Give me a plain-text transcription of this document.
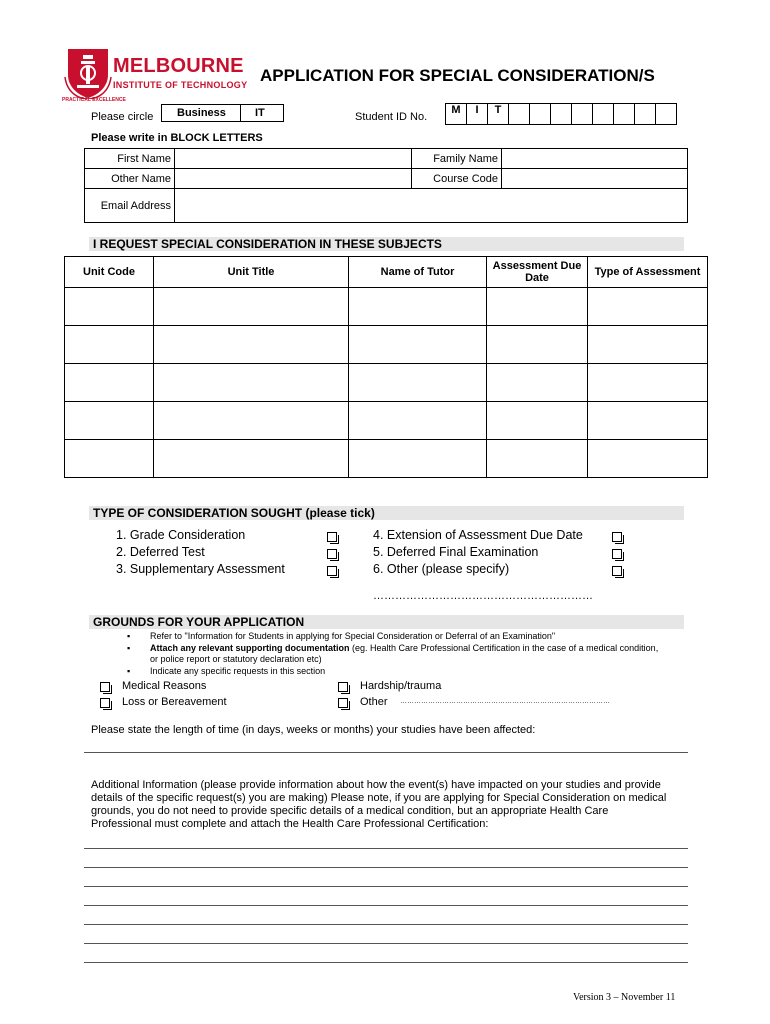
MELBOURNE
INSTITUTE OF TECHNOLOGY
PRACTICAL EXCELLENCE
APPLICATION FOR SPECIAL CONSIDERATION/S
Please circle	Business	IT	Student ID No.
M	I	T
Please write in BLOCK LETTERS
First Name		Family Name	
Other Name		Course Code	
Email Address			
I REQUEST SPECIAL CONSIDERATION IN THESE SUBJECTS
Unit Code	Unit Title	Name of Tutor	Assessment Due Date	Type of Assessment

TYPE OF CONSIDERATION SOUGHT (please tick)
1. Grade Consideration
2. Deferred Test
3. Supplementary Assessment
4. Extension of Assessment Due Date
5. Deferred Final Examination
6. Other (please specify)
……………………………………………………
GROUNDS FOR YOUR APPLICATION
▪ Refer to "Information for Students in applying for Special Consideration or Deferral of an Examination"
▪ Attach any relevant supporting documentation (eg. Health Care Professional Certification in the case of a medical condition, or police report or statutory declaration etc)
▪ Indicate any specific requests in this section
Medical Reasons
Loss or Bereavement
Hardship/trauma
Other ………………………………………………………………………………
Please state the length of time (in days, weeks or months) your studies have been affected:
Additional Information (please provide information about how the event(s) have impacted on your studies and provide details of the specific request(s) you are making) Please note, if you are applying for Special Consideration on medical grounds, you do not need to provide specific details of a medical condition, but an appropriate Health Care Professional must complete and attach the Health Care Professional Certification:
Version 3 – November 11
